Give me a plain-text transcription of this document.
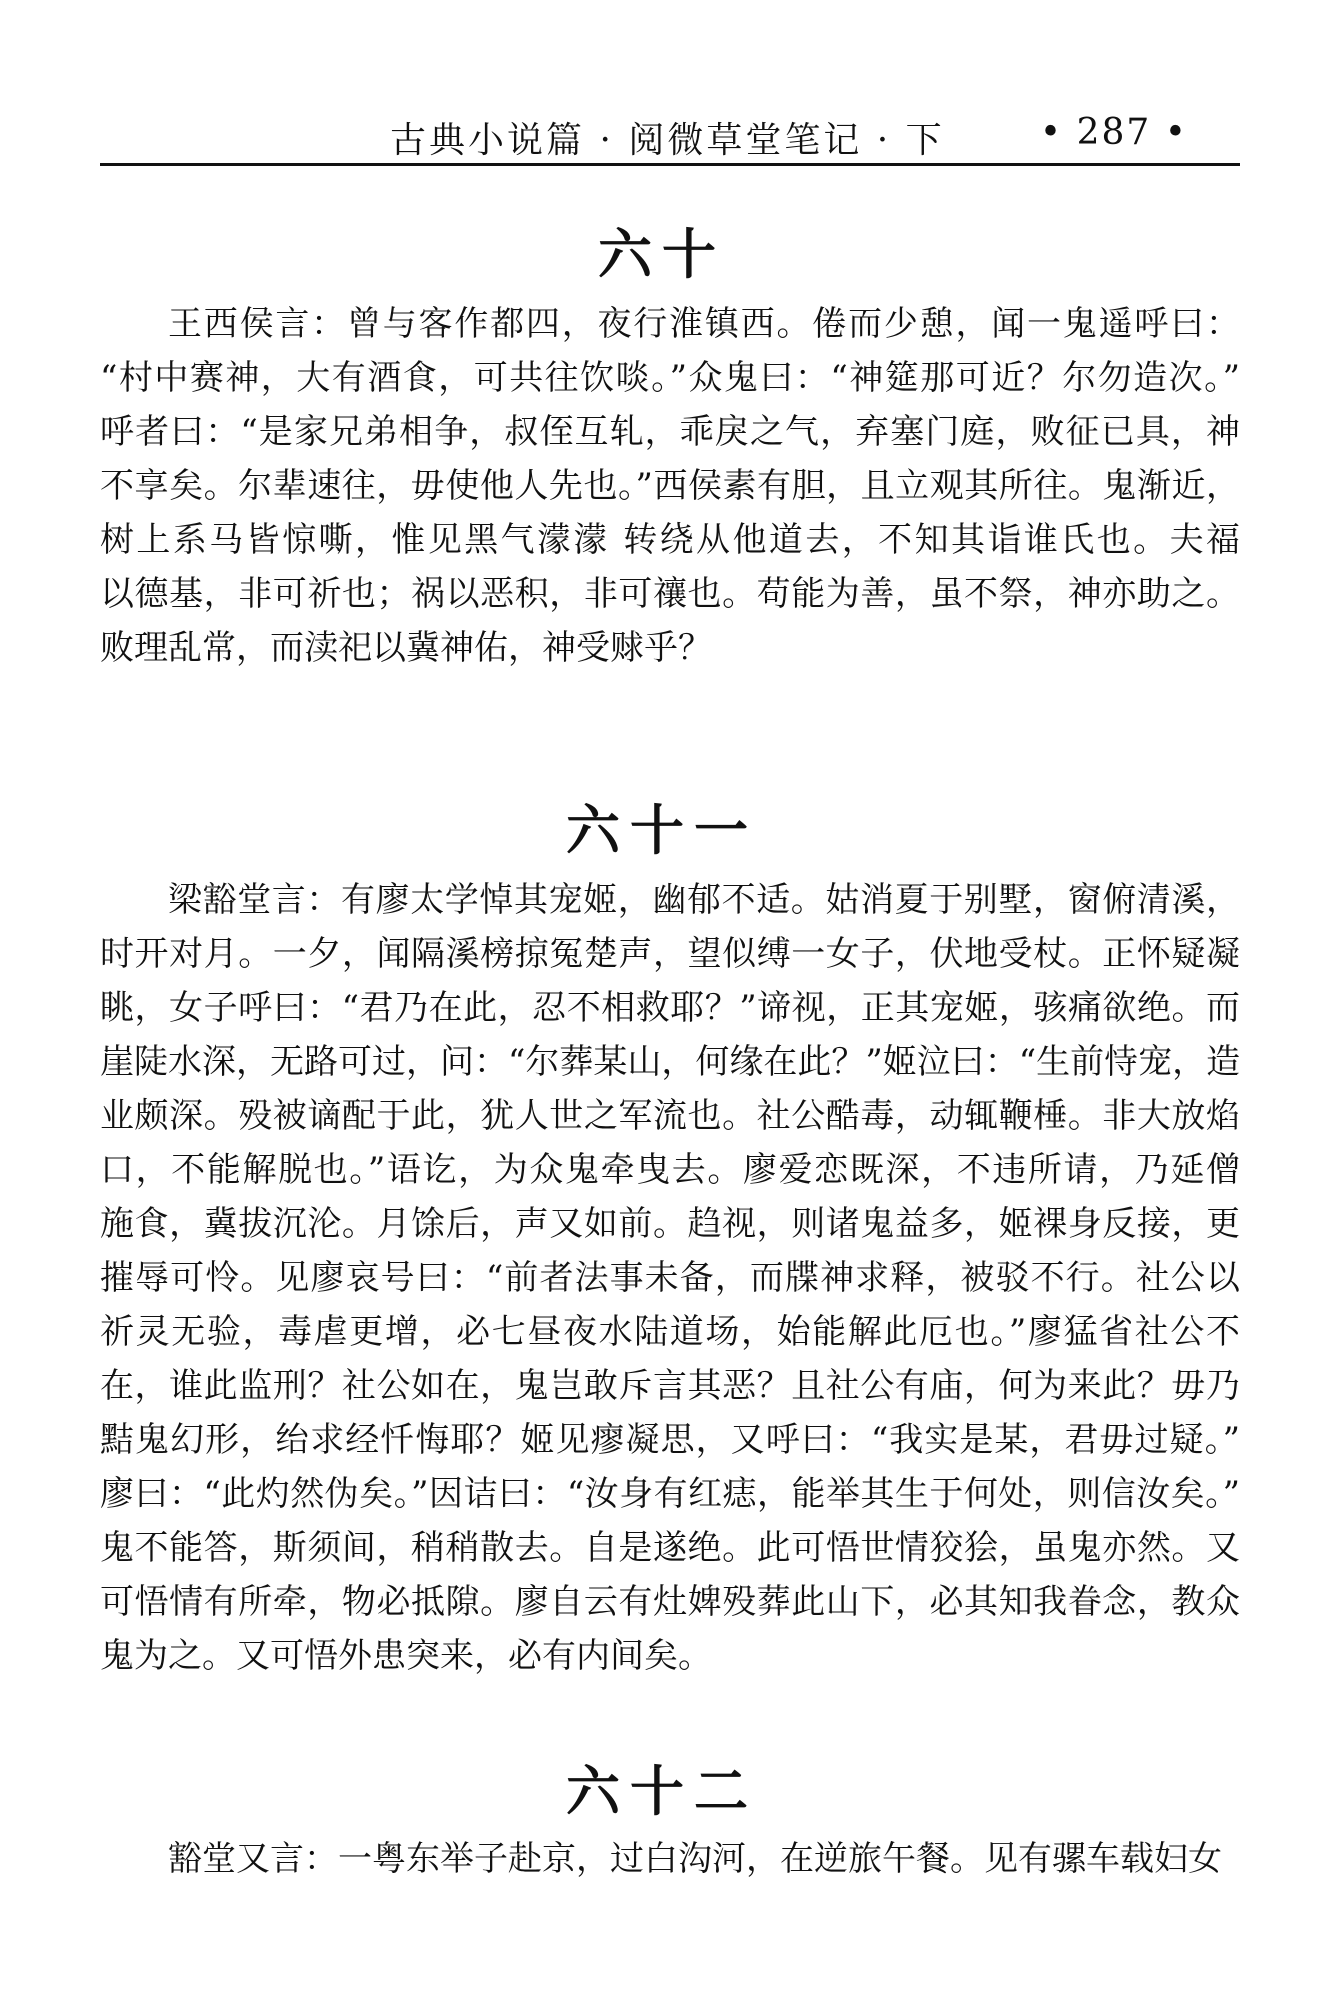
古典小说篇 · 阅微草堂笔记 · 下	• 287 •
六十
王西侯言：曾与客作都四，夜行淮镇西。倦而少憩，闻一鬼遥呼曰：
“村中赛神，大有酒食，可共往饮啖。”众鬼曰：“神筵那可近？尔勿造次。”
呼者曰：“是家兄弟相争，叔侄互轧，乖戾之气，弃塞门庭，败征已具，神
不享矣。尔辈速往，毋使他人先也。”西侯素有胆，且立观其所往。鬼渐近，
树上系马皆惊嘶，惟见黑气濛濛 转绕从他道去，不知其诣谁氏也。夫福
以德基，非可祈也；祸以恶积，非可禳也。苟能为善，虽不祭，神亦助之。
败理乱常，而渎祀以冀神佑，神受赇乎？
六十一
梁豁堂言：有廖太学悼其宠姬，幽郁不适。姑消夏于别墅，窗俯清溪，
时开对月。一夕，闻隔溪榜掠冤楚声，望似缚一女子，伏地受杖。正怀疑凝
眺，女子呼曰：“君乃在此，忍不相救耶？”谛视，正其宠姬，骇痛欲绝。而
崖陡水深，无路可过，问：“尔葬某山，何缘在此？”姬泣曰：“生前恃宠，造
业颇深。殁被谪配于此，犹人世之军流也。社公酷毒，动辄鞭棰。非大放焰
口，不能解脱也。”语讫，为众鬼牵曳去。廖爱恋既深，不违所请，乃延僧
施食，冀拔沉沦。月馀后，声又如前。趋视，则诸鬼益多，姬裸身反接，更
摧辱可怜。见廖哀号曰：“前者法事未备，而牒神求释，被驳不行。社公以
祈灵无验，毒虐更增，必七昼夜水陆道场，始能解此厄也。”廖猛省社公不
在，谁此监刑？社公如在，鬼岂敢斥言其恶？且社公有庙，何为来此？毋乃
黠鬼幻形，绐求经忏悔耶？姬见瘳凝思，又呼曰：“我实是某，君毋过疑。”
廖曰：“此灼然伪矣。”因诘曰：“汝身有红痣，能举其生于何处，则信汝矣。”
鬼不能答，斯须间，稍稍散去。自是遂绝。此可悟世情狡狯，虽鬼亦然。又
可悟情有所牵，物必抵隙。廖自云有灶婢殁葬此山下，必其知我眷念，教众
鬼为之。又可悟外患突来，必有内间矣。
六十二
豁堂又言：一粤东举子赴京，过白沟河，在逆旅午餐。见有骡车载妇女
